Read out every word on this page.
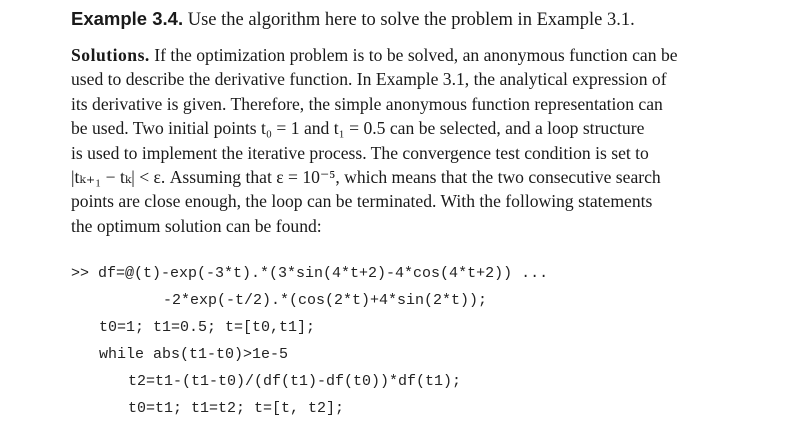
Example 3.4. Use the algorithm here to solve the problem in Example 3.1.
Solutions. If the optimization problem is to be solved, an anonymous function can be
used to describe the derivative function. In Example 3.1, the analytical expression of
its derivative is given. Therefore, the simple anonymous function representation can
be used. Two initial points t₀ = 1 and t₁ = 0.5 can be selected, and a loop structure
is used to implement the iterative process. The convergence test condition is set to
|tₖ₊₁ − tₖ| < ε. Assuming that ε = 10⁻⁵, which means that the two consecutive search
points are close enough, the loop can be terminated. With the following statements
the optimum solution can be found:
>> df=@(t)-exp(-3*t).*(3*sin(4*t+2)-4*cos(4*t+2)) ...
-2*exp(-t/2).*(cos(2*t)+4*sin(2*t));
t0=1; t1=0.5; t=[t0,t1];
while abs(t1-t0)>1e-5
t2=t1-(t1-t0)/(df(t1)-df(t0))*df(t1);
t0=t1; t1=t2; t=[t, t2];
